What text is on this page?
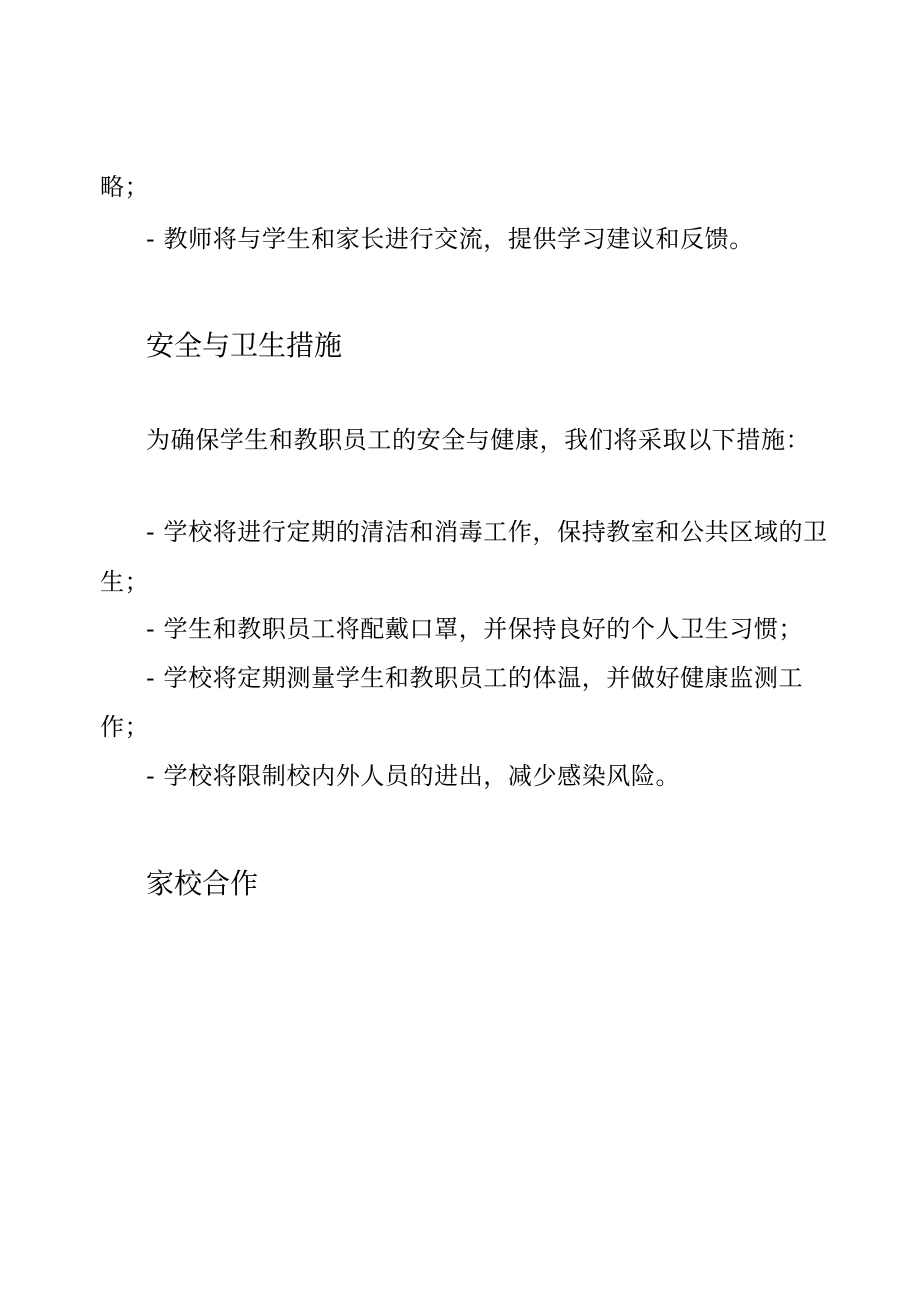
略；
- 教师将与学生和家长进行交流，提供学习建议和反馈。
安全与卫生措施
为确保学生和教职员工的安全与健康，我们将采取以下措施：
- 学校将进行定期的清洁和消毒工作，保持教室和公共区域的卫
生；
- 学生和教职员工将配戴口罩，并保持良好的个人卫生习惯；
- 学校将定期测量学生和教职员工的体温，并做好健康监测工
作；
- 学校将限制校内外人员的进出，减少感染风险。
家校合作
